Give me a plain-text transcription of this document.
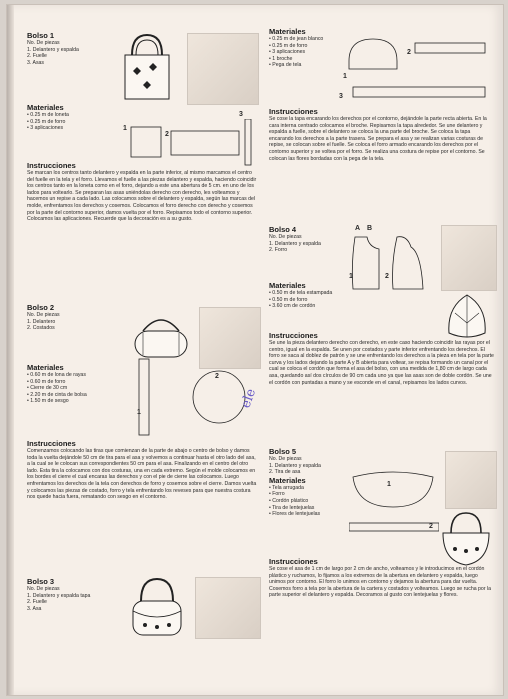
Bolso 1

No. De piezas

1. Delantero y espalda

2. Fuelle

3. Asas

Materiales

• 0.25 m de loneta

• 0.25 m de forro

• 3 aplicaciones	1
2
3

Instrucciones

Se marcan los centros tanto delantero y espalda en la parte inferior, al mismo marcamos el centro del fuelle en la tela y el forro. Llevamos el fuelle a las piezas delantero y espalda, haciendo coincidir los centros tanto en la loneta como en el forro, dejando a este una abertura de 5 cm. en uno de los lados para voltearlo. Se preparan las asas uniéndolas derecho con derecho, les volteamos y hacemos un repise a cada lado. Las colocamos sobre el delantero y espalda, según las marcas del molde, enfrentamos los derechos y cosemos. Colocamos el forro derecho con derecho y cosemos por la parte del contorno superior, damos vuelta por el forro. Repisamos todo el contorno superior. Colocamos las aplicaciones. Recuerde que la decoración es a su gusto.

Bolso 2

No. De piezas

1. Delantero

2. Costados

Materiales

• 0.60 m de lona de rayas

• 0.60 m de forro

• Cierre de 30 cm

• 2.20 m de cinta de bolsa

• 1.50 m de sesgo

1
2
ele

Instrucciones

Comenzamos colocando las tiras que comienzan de la parte de abajo o centro de bolso y damos toda la vuelta dejándole 50 cm de tira para el asa y volvemos a continuar hasta el otro lado del asa, a la cual se le colocan sus correspondientes 50 cm para el asa. Finalizando en el centro del otro lado. Esta tira la colocamos con dos costuras, una en cada extremo. Según el molde colocamos en los bordes el cierre el cual encaras las derechos y con el pie de cierre las colocamos. Luego enfrentamos los derechos de la tela con derechos de forro y cosemos sobre el cierre. Damos vuelta y colocamos las piezas de costado, forro y tela enfrentando los reveses para que nuestra costura nos quede hacia fuera, rematando con sesgo en el contorno.

Bolso 3

No. De piezas

1. Delantero y espalda tapa

2. Fuelle

3. Asa

Materiales

• 0.25 m de jean blanco

• 0.25 m de forro

• 3 aplicaciones

• 1 broche

• Pega de tela

1
2
3

Instrucciones

Se cose la tapa encarando los derechos por el contorno, dejándole la parte recta abierta. En la cara interna centrado colocamos el broche. Repisamos la tapa alrededor. Se une delantero y espalda a fuelle, sobre el delantero se coloca la una parte del broche. Se coloca la tapa encarando los derechos a la parte trasera. Se prepara el asa y se realizan varias costuras de repise, se colocan sobre el fuelle. Se coloca el forro armado encarando los derechos por el contorno superior y se voltea por el forro. Se realiza una costura de repise por el contorno. Se colocan las flores bordadas con la pega de la tela.

Bolso 4

No. De piezas

1. Delantero y espalda

2. Forro

A B
1	2

Materiales

• 0.50 m de tela estampada

• 0.50 m de forro

• 3.60 cm de cordón

Instrucciones

Se une la pieza delantero derecho con derecho, en este caso haciendo coincidir las rayas por el centro, igual en la espalda. Se unen por costados y parte inferior enfrentando los derechos. El forro se saca al doblez de patrón y se une enfrentando los derechos a la pieza en tela por la parte curva y los lados dejando la parte A y B abierta para voltear, se repisa formando un canal por el cual se coloca el cordón que forma el asa del bolso, con una medida de 1,80 cm de largo cada asa, quedando así dos círculos de 90 cm cada uno ya que las asas son de doble cordón. Se une el cordón con puntadas a mano y se esconde en el canal, repisamos los lados curvos.

Bolso 5

No. De piezas

1. Delantero y espalda

2. Tira de asa

Materiales

• Tela arrugada

• Forro

• Cordón plástico

• Tira de lentejuelas

• Flores de lentejuelas

1
2

Instrucciones

Se cose el asa de 1 cm de largo por 2 cm de ancho, volteamos y le introducimos en el cordón plástico y ruchamos, lo fijamos a los extremos de la abertura en delantero y espalda, luego unimos por contorno. El forro lo unimos en contorno y dejamos la abertura para dar vuelta. Cosemos forro a tela por la abertura de la cartera y costados y volteamos. Luego se rucha por la parte superior el delantero y espalda. Decoramos al gusto con lentejuelas y flores.
